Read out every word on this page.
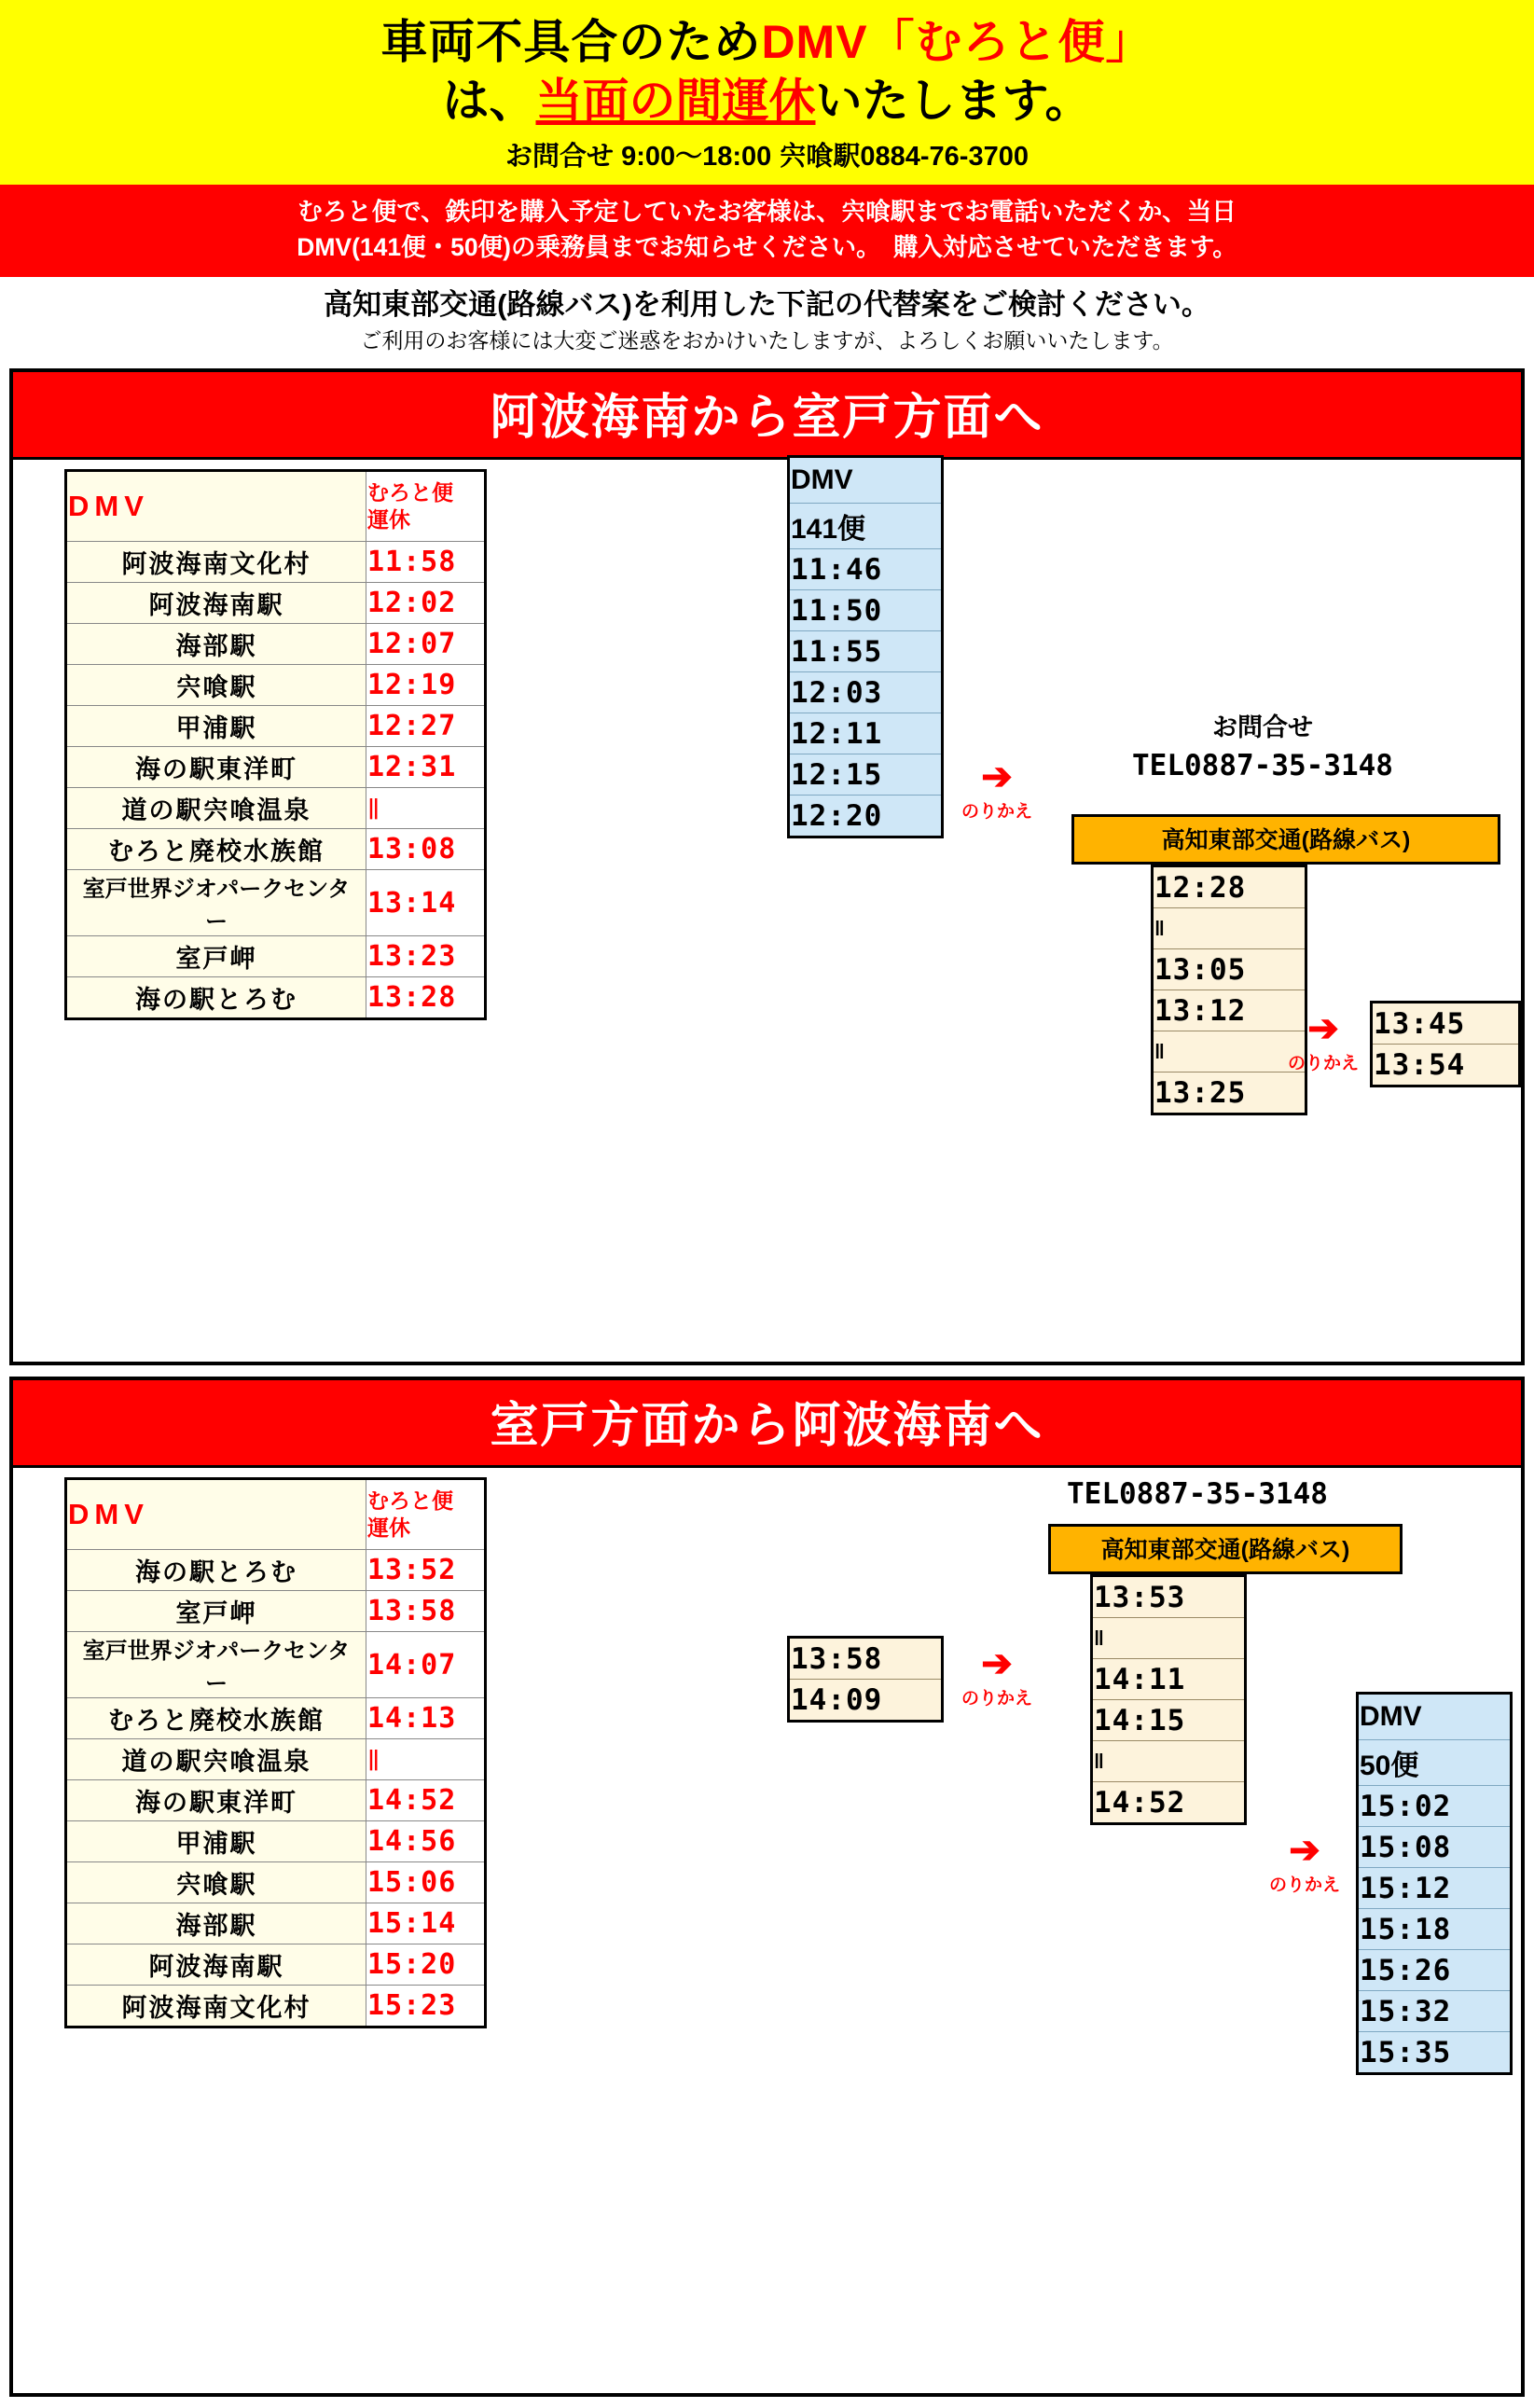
車両不具合のためDMV「むろと便」
は、当面の間運休いたします。
お問合せ 9:00〜18:00 宍喰駅0884-76-3700
むろと便で、鉄印を購入予定していたお客様は、宍喰駅までお電話いただくか、当日
DMV(141便・50便)の乗務員までお知らせください。　購入対応させていただきます。
高知東部交通(路線バス)を利用した下記の代替案をご検討ください。
ご利用のお客様には大変ご迷惑をおかけいたしますが、よろしくお願いいたします。
阿波海南から室戸方面へ
DMV	むろと便
運休

阿波海南文化村	11:58
阿波海南駅	12:02
海部駅	12:07
宍喰駅	12:19
甲浦駅	12:27
海の駅東洋町	12:31
道の駅宍喰温泉	‖
むろと廃校水族館	13:08
室戸世界ジオパークセンター	13:14
室戸岬	13:23
海の駅とろむ	13:28
DMV
141便
11:46
11:50
11:55
12:03
12:11
12:15
12:20
お問合せ
TEL0887-35-3148
➔
のりかえ
高知東部交通(路線バス)
12:28
‖
13:05
13:12
‖
13:25
➔
のりかえ
13:45
13:54
室戸方面から阿波海南へ
DMV	むろと便
運休

海の駅とろむ	13:52
室戸岬	13:58
室戸世界ジオパークセンター	14:07
むろと廃校水族館	14:13
道の駅宍喰温泉	‖
海の駅東洋町	14:52
甲浦駅	14:56
宍喰駅	15:06
海部駅	15:14
阿波海南駅	15:20
阿波海南文化村	15:23
TEL0887-35-3148
高知東部交通(路線バス)
13:53
‖
14:11
14:15
‖
14:52
13:58
14:09
➔
のりかえ
➔
のりかえ
DMV
50便
15:02
15:08
15:12
15:18
15:26
15:32
15:35
